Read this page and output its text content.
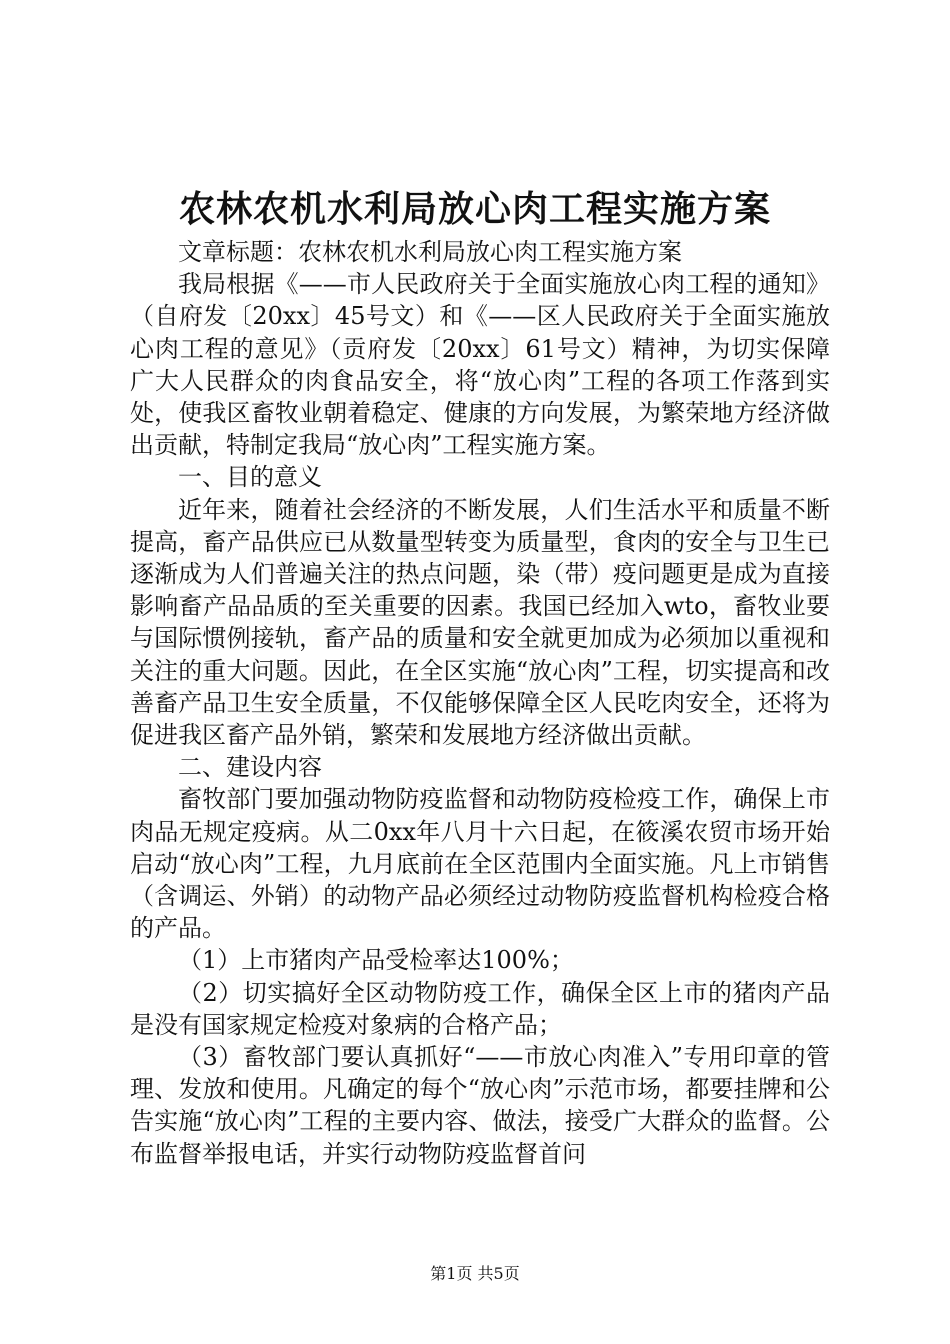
农林农机水利局放心肉工程实施方案

文章标题：农林农机水利局放心肉工程实施方案

我局根据《——市人民政府关于全面实施放心肉工程的通知》（自府发〔20xx〕45号文）和《——区人民政府关于全面实施放心肉工程的意见》（贡府发〔20xx〕61号文）精神，为切实保障广大人民群众的肉食品安全，将“放心肉”工程的各项工作落到实处，使我区畜牧业朝着稳定、健康的方向发展，为繁荣地方经济做出贡献，特制定我局“放心肉”工程实施方案。

一、目的意义

近年来，随着社会经济的不断发展，人们生活水平和质量不断提高，畜产品供应已从数量型转变为质量型，食肉的安全与卫生已逐渐成为人们普遍关注的热点问题，染（带）疫问题更是成为直接影响畜产品品质的至关重要的因素。我国已经加入wto，畜牧业要与国际惯例接轨，畜产品的质量和安全就更加成为必须加以重视和关注的重大问题。因此，在全区实施“放心肉”工程，切实提高和改善畜产品卫生安全质量，不仅能够保障全区人民吃肉安全，还将为促进我区畜产品外销，繁荣和发展地方经济做出贡献。

二、建设内容

畜牧部门要加强动物防疫监督和动物防疫检疫工作，确保上市肉品无规定疫病。从二0xx年八月十六日起，在筱溪农贸市场开始启动“放心肉”工程，九月底前在全区范围内全面实施。凡上市销售（含调运、外销）的动物产品必须经过动物防疫监督机构检疫合格的产品。

（1）上市猪肉产品受检率达100%；

（2）切实搞好全区动物防疫工作，确保全区上市的猪肉产品是没有国家规定检疫对象病的合格产品；

（3）畜牧部门要认真抓好“——市放心肉准入”专用印章的管理、发放和使用。凡确定的每个“放心肉”示范市场，都要挂牌和公告实施“放心肉”工程的主要内容、做法，接受广大群众的监督。公布监督举报电话，并实行动物防疫监督首问

第1页 共5页
